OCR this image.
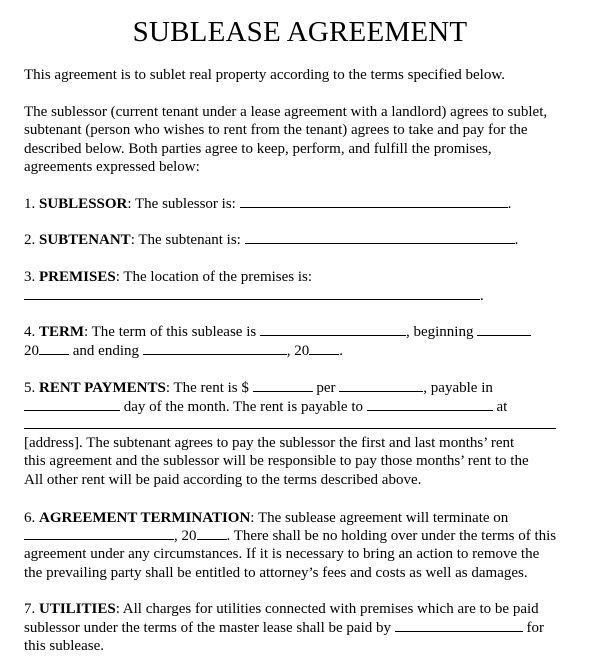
SUBLEASE AGREEMENT
This agreement is to sublet real property according to the terms specified below.
The sublessor (current tenant under a lease agreement with a landlord) agrees to sublet,
subtenant (person who wishes to rent from the tenant) agrees to take and pay for the
described below. Both parties agree to keep, perform, and fulfill the promises,
agreements expressed below:
1. SUBLESSOR: The sublessor is:	.
2. SUBTENANT: The subtenant is:	.
3. PREMISES: The location of the premises is:
.
4. TERM: The term of this sublease is	, beginning
20 and ending	, 20 .
5. RENT PAYMENTS: The rent is $	per	, payable in
day of the month. The rent is payable to	at
[address]. The subtenant agrees to pay the sublessor the first and last months’ rent
this agreement and the sublessor will be responsible to pay those months’ rent to the
All other rent will be paid according to the terms described above.
6. AGREEMENT TERMINATION: The sublease agreement will terminate on
, 20 . There shall be no holding over under the terms of this
agreement under any circumstances. If it is necessary to bring an action to remove the
the prevailing party shall be entitled to attorney’s fees and costs as well as damages.
7. UTILITIES: All charges for utilities connected with premises which are to be paid
sublessor under the terms of the master lease shall be paid by	for
this sublease.
